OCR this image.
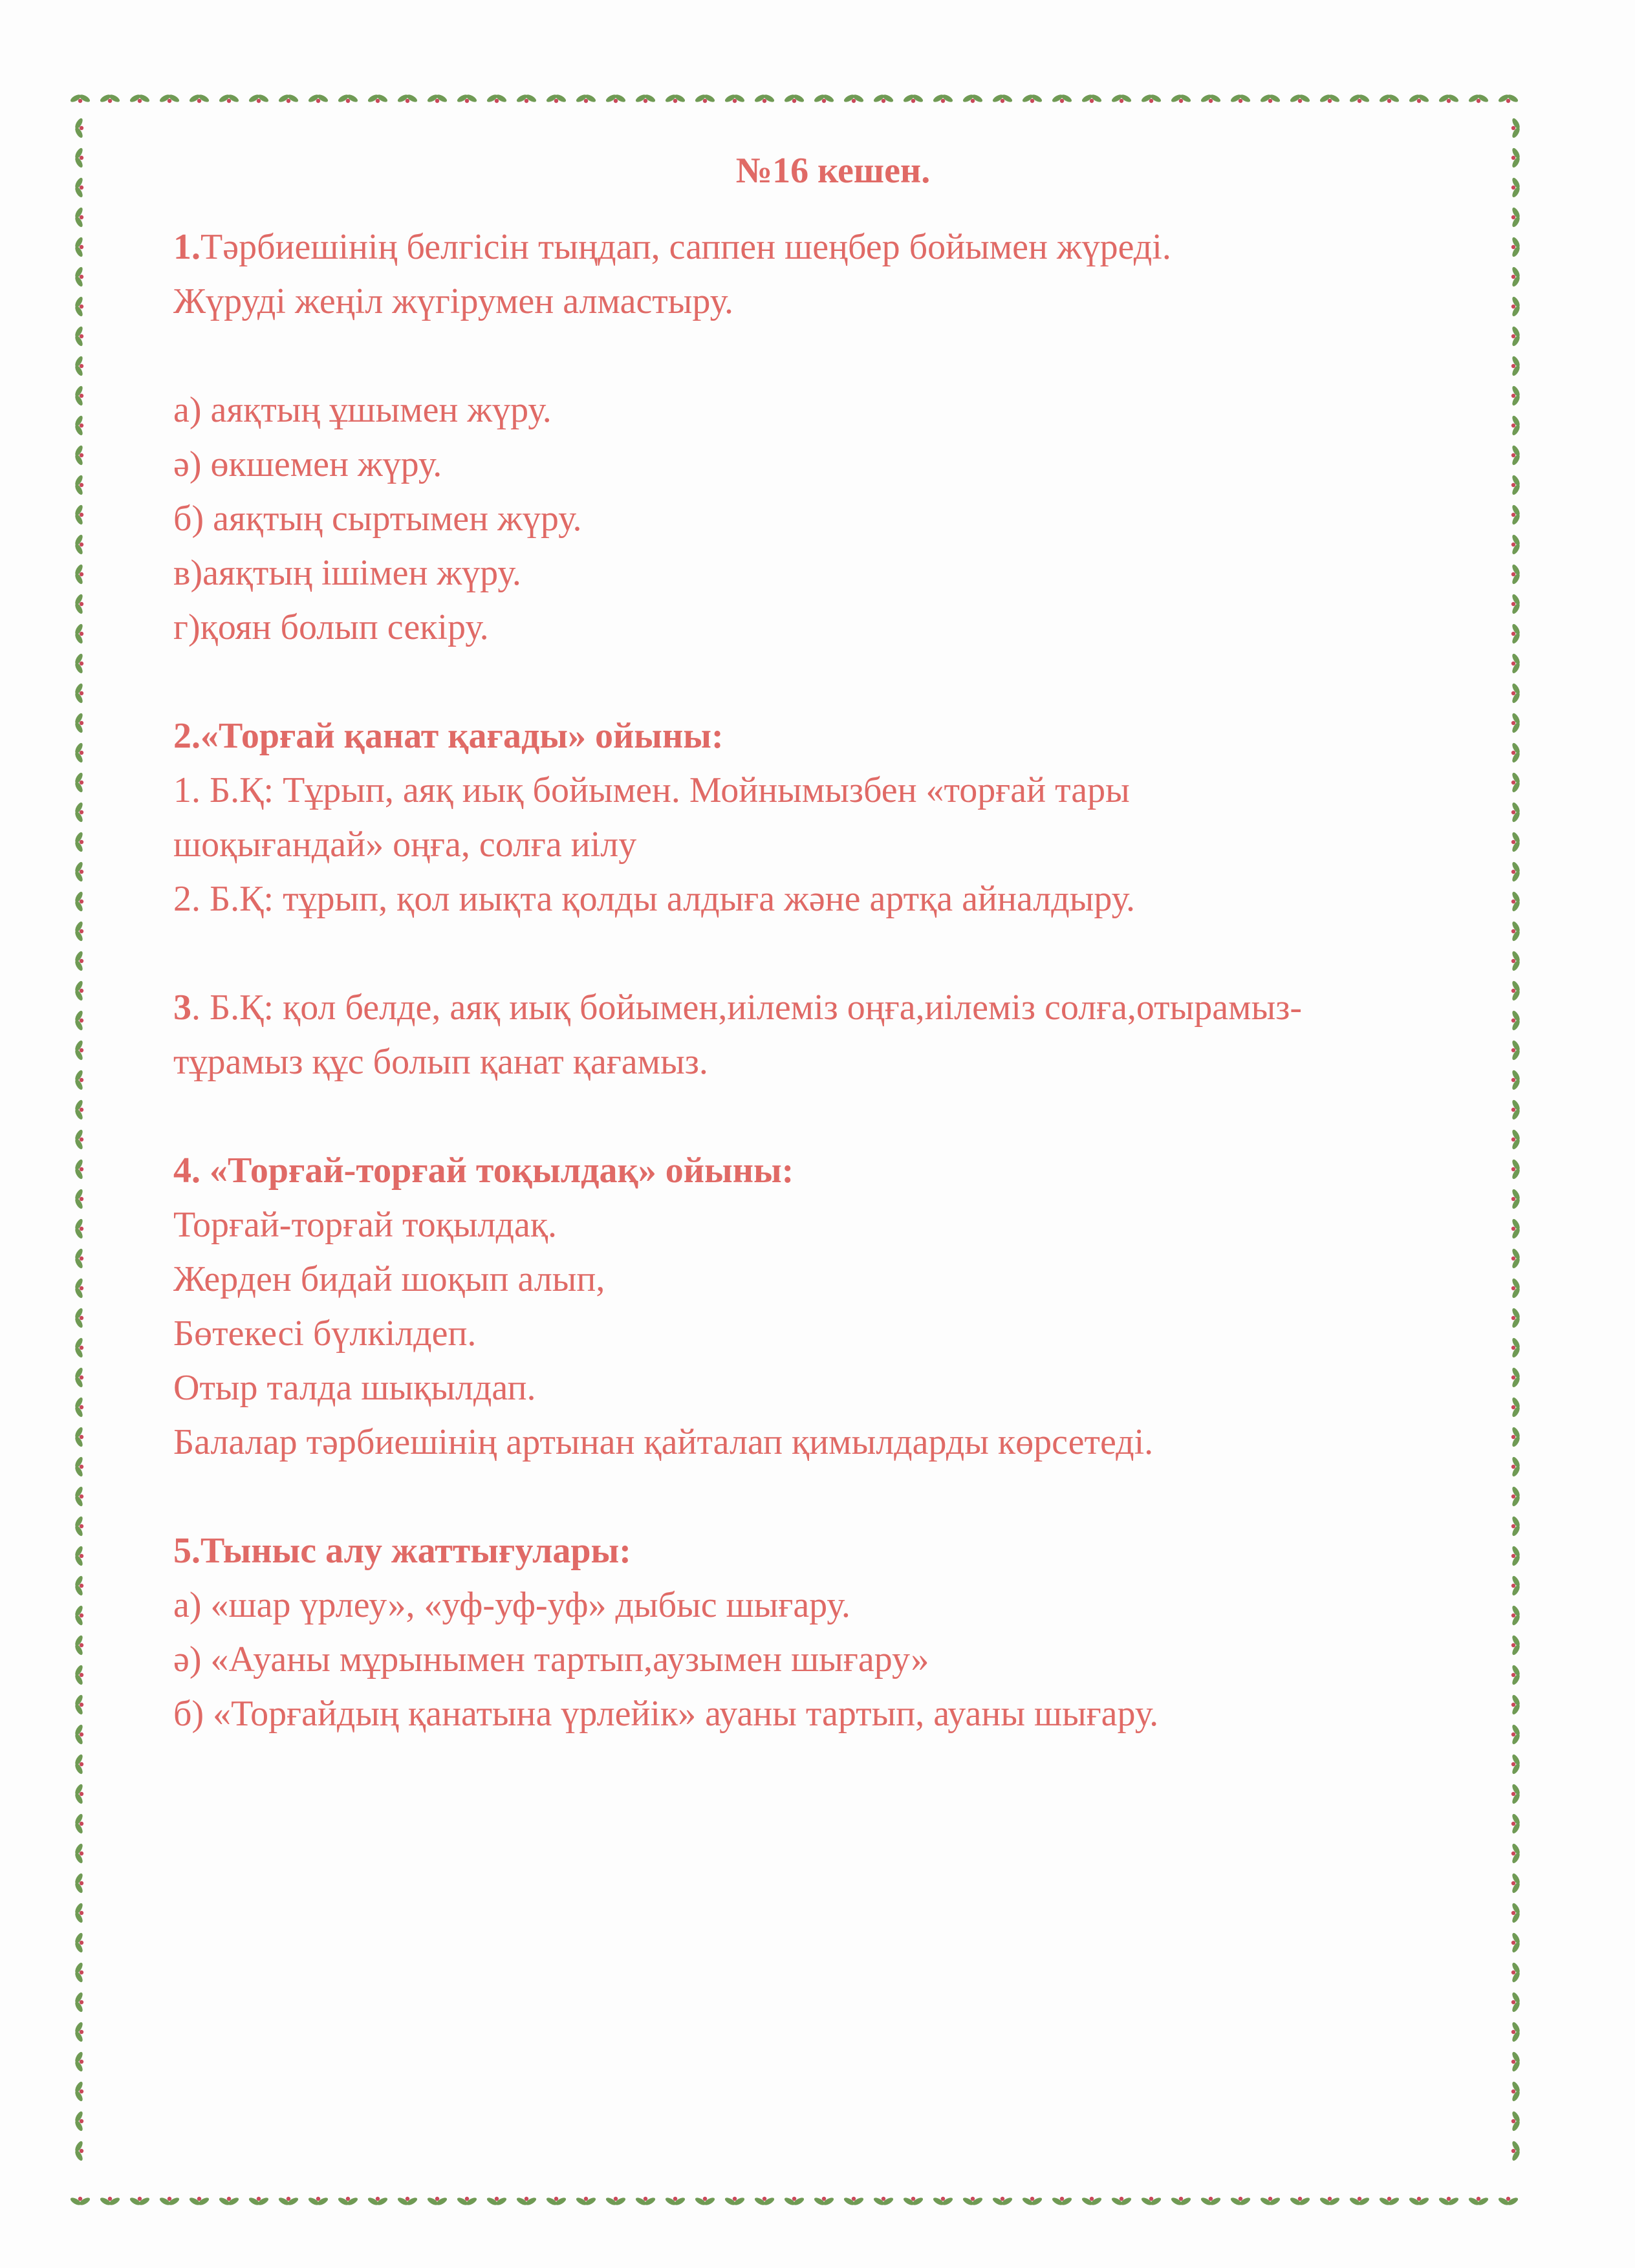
№16 кешен.
1.Тәрбиешінің белгісін тыңдап, саппен шеңбер бойымен жүреді.
Жүруді жеңіл жүгірумен алмастыру.
а) аяқтың ұшымен жүру.
ә) өкшемен жүру.
б) аяқтың сыртымен жүру.
в)аяқтың ішімен жүру.
г)қоян болып секіру.
2.«Торғай қанат қағады» ойыны:
1. Б.Қ: Тұрып, аяқ иық бойымен. Мойнымызбен «торғай тары
шоқығандай» оңға, солға иілу
2. Б.Қ: тұрып, қол иықта қолды алдыға және артқа айналдыру.
3. Б.Қ: қол белде, аяқ иық бойымен,иілеміз оңға,иілеміз солға,отырамыз-
тұрамыз құс болып қанат қағамыз.
4. «Торғай-торғай тоқылдақ» ойыны:
Торғай-торғай тоқылдақ.
Жерден бидай шоқып алып,
Бөтекесі бүлкілдеп.
Отыр талда шықылдап.
Балалар тәрбиешінің артынан қайталап қимылдарды көрсетеді.
5.Тыныс алу жаттығулары:
а) «шар үрлеу», «уф-уф-уф» дыбыс шығару.
ә) «Ауаны мұрынымен тартып,аузымен шығару»
б) «Торғайдың қанатына үрлейік» ауаны тартып, ауаны шығару.
